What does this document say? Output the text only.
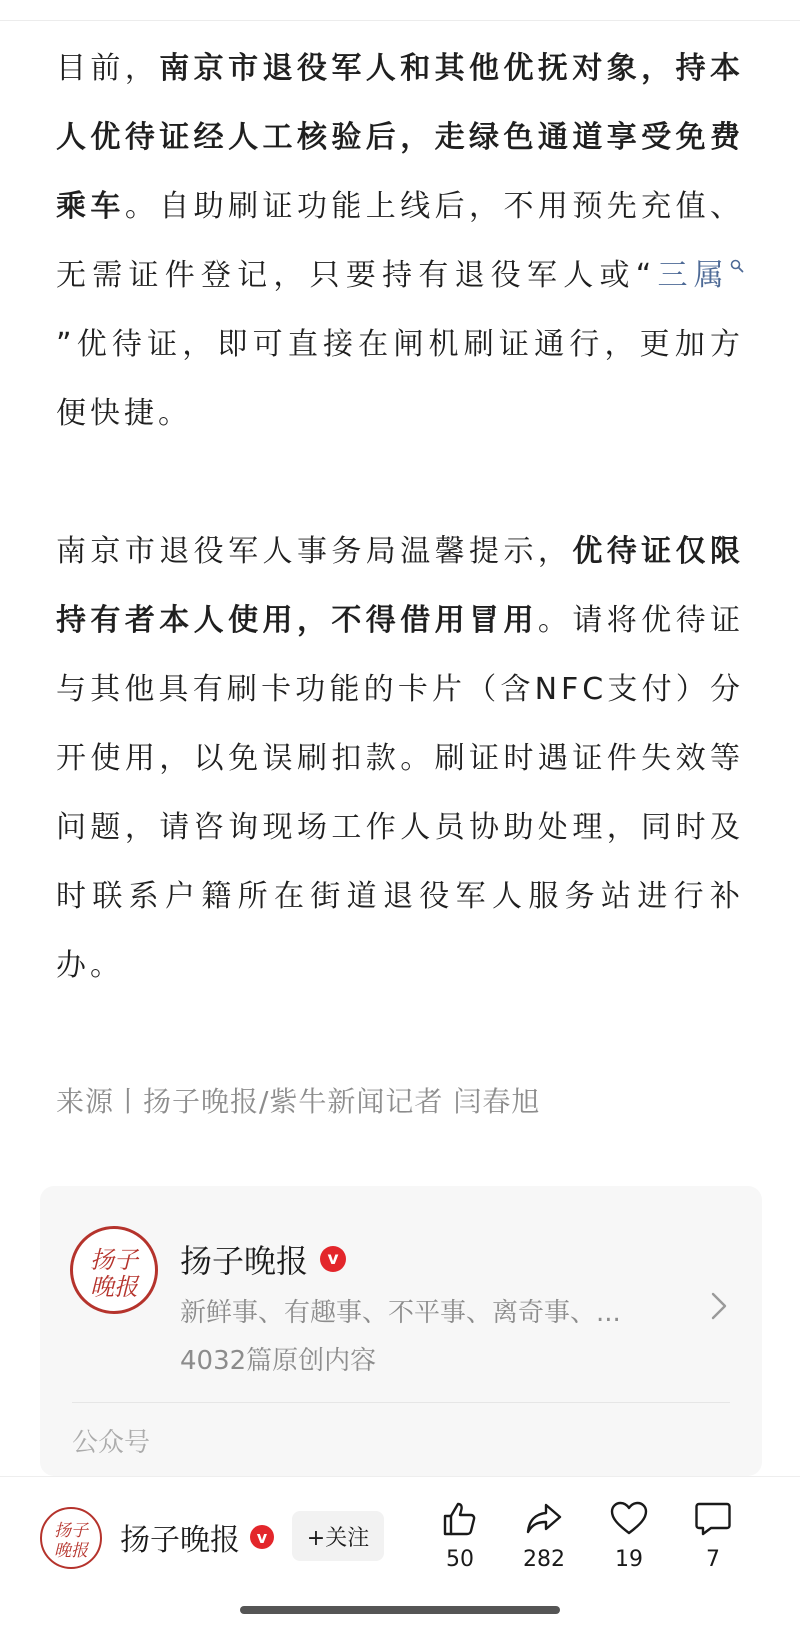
目前，南京市退役军人和其他优抚对象，持本人优待证经人工核验后，走绿色通道享受免费乘车。自助刷证功能上线后，不用预先充值、无需证件登记，只要持有退役军人或“三属”优待证，即可直接在闸机刷证通行，更加方便快捷。

南京市退役军人事务局温馨提示，优待证仅限持有者本人使用，不得借用冒用。请将优待证与其他具有刷卡功能的卡片（含NFC支付）分开使用，以免误刷扣款。刷证时遇证件失效等问题，请咨询现场工作人员协助处理，同时及时联系户籍所在街道退役军人服务站进行补办。

来源丨扬子晚报/紫牛新闻记者 闫春旭
扬子
晚报
扬子晚报	v
新鲜事、有趣事、不平事、离奇事、...
4032篇原创内容
公众号
扬子
晚报 扬子晚报	v	+关注
50	282	19	7
